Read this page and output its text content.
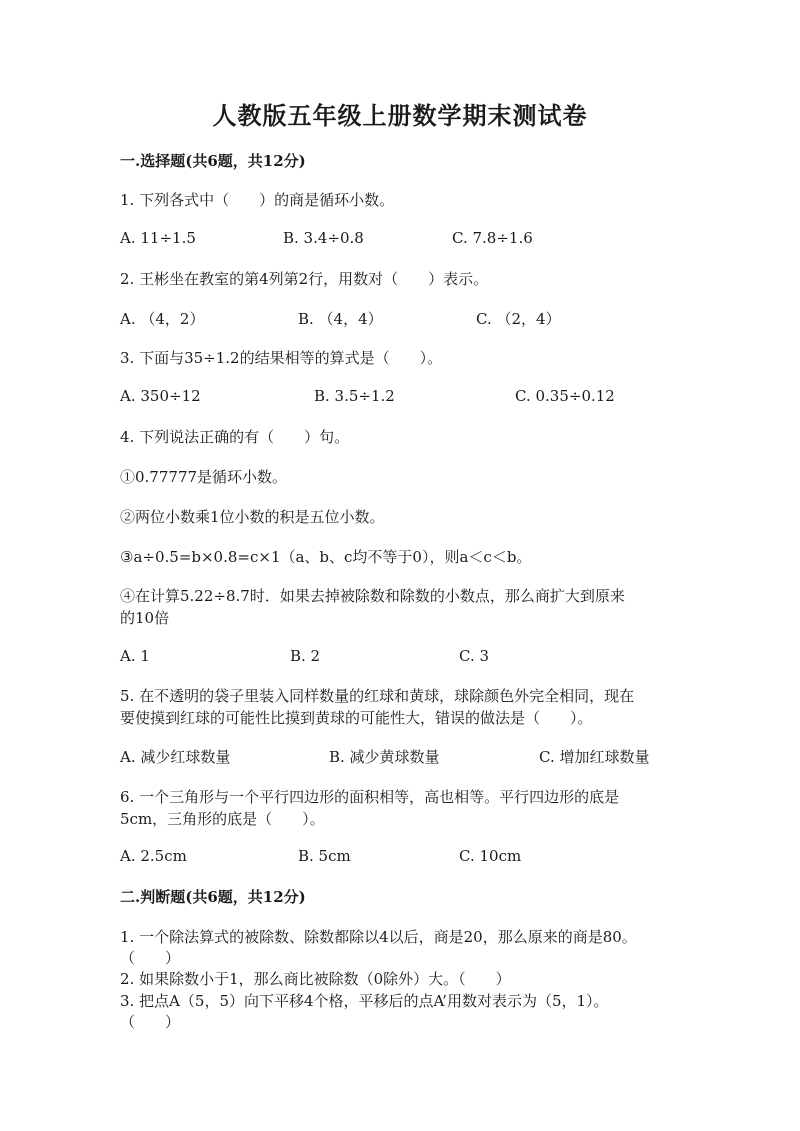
人教版五年级上册数学期末测试卷
一.选择题(共6题，共12分)
1. 下列各式中（　　）的商是循环小数。
A. 11÷1.5	B. 3.4÷0.8	C. 7.8÷1.6
2. 王彬坐在教室的第4列第2行，用数对（　　）表示。
A. （4，2）	B. （4，4）	C. （2，4）
3. 下面与35÷1.2的结果相等的算式是（　　）。
A. 350÷12	B. 3.5÷1.2	C. 0.35÷0.12
4. 下列说法正确的有（　　）句。
①0.77777是循环小数。
②两位小数乘1位小数的积是五位小数。
③a÷0.5=b×0.8=c×1（a、b、c均不等于0），则a＜c＜b。
④在计算5.22÷8.7时．如果去掉被除数和除数的小数点，那么商扩大到原来
的10倍
A. 1	B. 2	C. 3
5. 在不透明的袋子里装入同样数量的红球和黄球，球除颜色外完全相同，现在
要使摸到红球的可能性比摸到黄球的可能性大，错误的做法是（　　）。
A. 减少红球数量	B. 减少黄球数量	C. 增加红球数量
6. 一个三角形与一个平行四边形的面积相等，高也相等。平行四边形的底是
5cm，三角形的底是（　　）。
A. 2.5cm	B. 5cm	C. 10cm
二.判断题(共6题，共12分)
1. 一个除法算式的被除数、除数都除以4以后，商是20，那么原来的商是80。
（　　）
2. 如果除数小于1，那么商比被除数（0除外）大。（　　）
3. 把点A（5，5）向下平移4个格，平移后的点A’用数对表示为（5，1）。
（　　）
